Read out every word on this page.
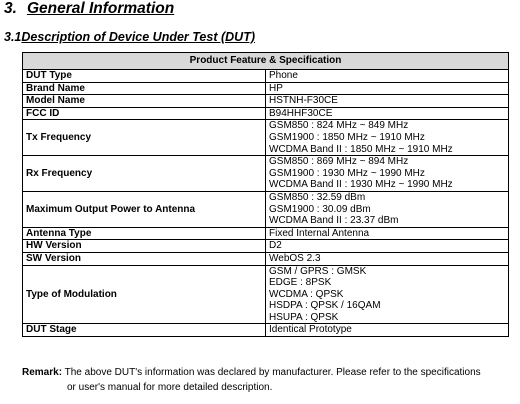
3. General Information
3.1Description of Device Under Test (DUT)
Product Feature & Specification	
DUT Type	Phone

Brand Name	HP

Model Name	HSTNH-F30CE

FCC ID	B94HHF30CE

Tx Frequency	GSM850 : 824 MHz ~ 849 MHz
GSM1900 : 1850 MHz ~ 1910 MHz
WCDMA Band II : 1850 MHz ~ 1910 MHz

Rx Frequency	GSM850 : 869 MHz ~ 894 MHz
GSM1900 : 1930 MHz ~ 1990 MHz
WCDMA Band II : 1930 MHz ~ 1990 MHz

Maximum Output Power to Antenna	GSM850 : 32.59 dBm
GSM1900 : 30.09 dBm
WCDMA Band II : 23.37 dBm

Antenna Type	Fixed Internal Antenna

HW Version	D2

SW Version	WebOS 2.3

Type of Modulation	GSM / GPRS : GMSK
EDGE : 8PSK
WCDMA : QPSK
HSDPA : QPSK / 16QAM
HSUPA : QPSK

DUT Stage	Identical Prototype
Remark: The above DUT's information was declared by manufacturer. Please refer to the specifications
or user's manual for more detailed description.
